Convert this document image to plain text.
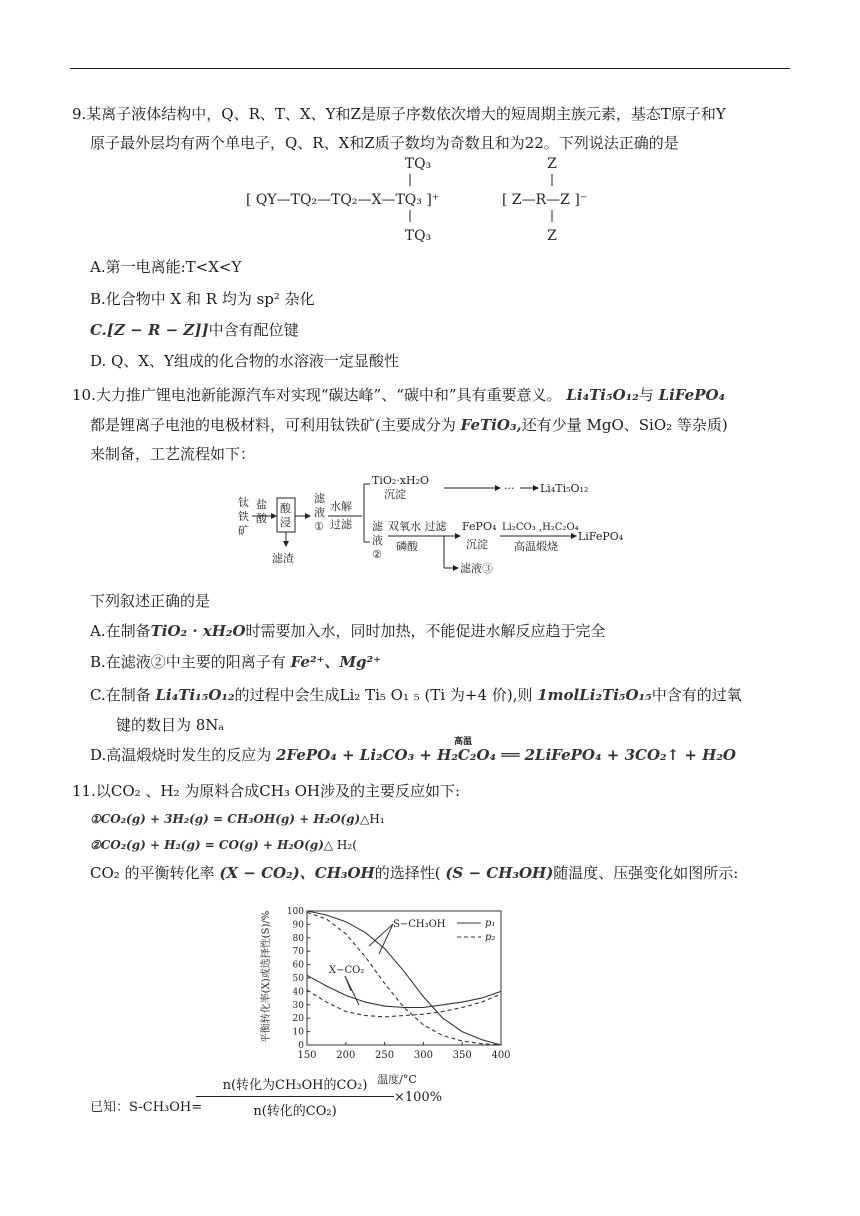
9.某离子液体结构中，Q、R、T、X、Y和Z是原子序数依次增大的短周期主族元素，基态T原子和Y
原子最外层均有两个单电子，Q、R、X和Z质子数均为奇数且和为22。下列说法正确的是
TQ₃
[ QY—TQ₂—TQ₂—X—TQ₃ ]⁺
TQ₃
Z
[ Z—R—Z ]⁻
Z
A.第一电离能:T<X<Y
B.化合物中 X 和 R 均为 sp² 杂化
C.[Z − R − Z]]中含有配位键
D. Q、X、Y组成的化合物的水溶液一定显酸性
10.大力推广锂电池新能源汽车对实现“碳达峰”、“碳中和”具有重要意义。 Li₄Ti₅O₁₂与 LiFePO₄
都是锂离子电池的电极材料，可利用钛铁矿(主要成分为 FeTiO₃,还有少量 MgO、SiO₂ 等杂质)
来制备，工艺流程如下：
钛
铁
矿
盐
酸
酸
浸
滤渣
滤
液
①
水解
过滤
TiO₂·xH₂O
沉淀	··· Li₄Ti₅O₁₂
滤
液
②
双氧水 过滤
磷酸
滤液③
FePO₄
沉淀
Li₂CO₃ ,H₂C₂O₄
高温煅烧
LiFePO₄
下列叙述正确的是
A.在制备TiO₂ · xH₂O时需要加入水，同时加热，不能促进水解反应趋于完全
B.在滤液②中主要的阳离子有 Fe²⁺、Mg²⁺
C.在制备 Li₄Ti₁₅O₁₂的过程中会生成Li₂ Ti₅ O₁ ₅ (Ti 为+4 价),则 1molLi₂Ti₅O₁₅中含有的过氧
键的数目为 8Nₐ
D.高温煅烧时发生的反应为 2FePO₄ + Li₂CO₃ + H₂C₂O₄ ══ 2LiFePO₄ + 3CO₂↑ + H₂O
高温
11.以CO₂ 、H₂ 为原料合成CH₃ OH涉及的主要反应如下:
①CO₂(g) + 3H₂(g) = CH₃OH(g) + H₂O(g)△H₁
②CO₂(g) + H₂(g) = CO(g) + H₂O(g)△ H₂(
CO₂ 的平衡转化率 (X − CO₂)、CH₃OH的选择性( (S − CH₃OH)随温度、压强变化如图所示:
150 200 250 300 350 400
0
10
20
30
40
50
60
70
80
90
100
温度/°C
平衡转化率(X)或选择性(S)/%	S−CH₃OH
X−CO₂
p₁
p₂
已知：S-CH₃OH=
n(转化为CH₃OH的CO₂)
n(转化的CO₂)
×100%
